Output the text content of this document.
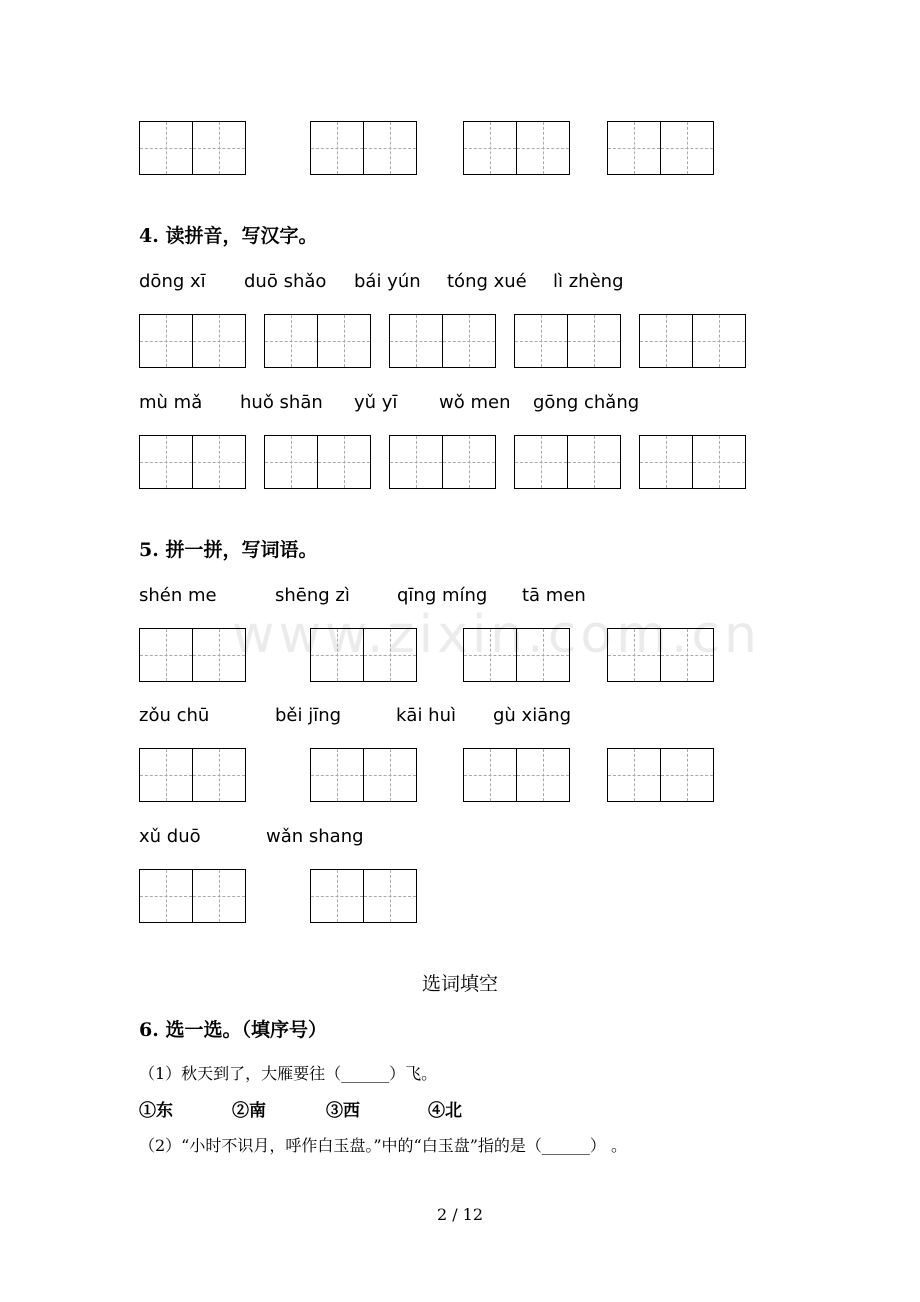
www.zixin.com.cn
4. 读拼音，写汉字。
dōng xī duō shǎo bái yún tóng xué lì zhèng
mù mǎ huǒ shān yǔ yī wǒ men gōng chǎng
5. 拼一拼，写词语。
shén me	shēng zì	qīng míng tā men
zǒu chū	běi jīng	kāi huì gù xiāng
xǔ duō	wǎn shang
选词填空
6. 选一选。（填序号）
（1）秋天到了，大雁要往（______）飞。
①东	②南	③西	④北
（2）“小时不识月，呼作白玉盘。”中的“白玉盘”指的是（______） 。
2 / 12
